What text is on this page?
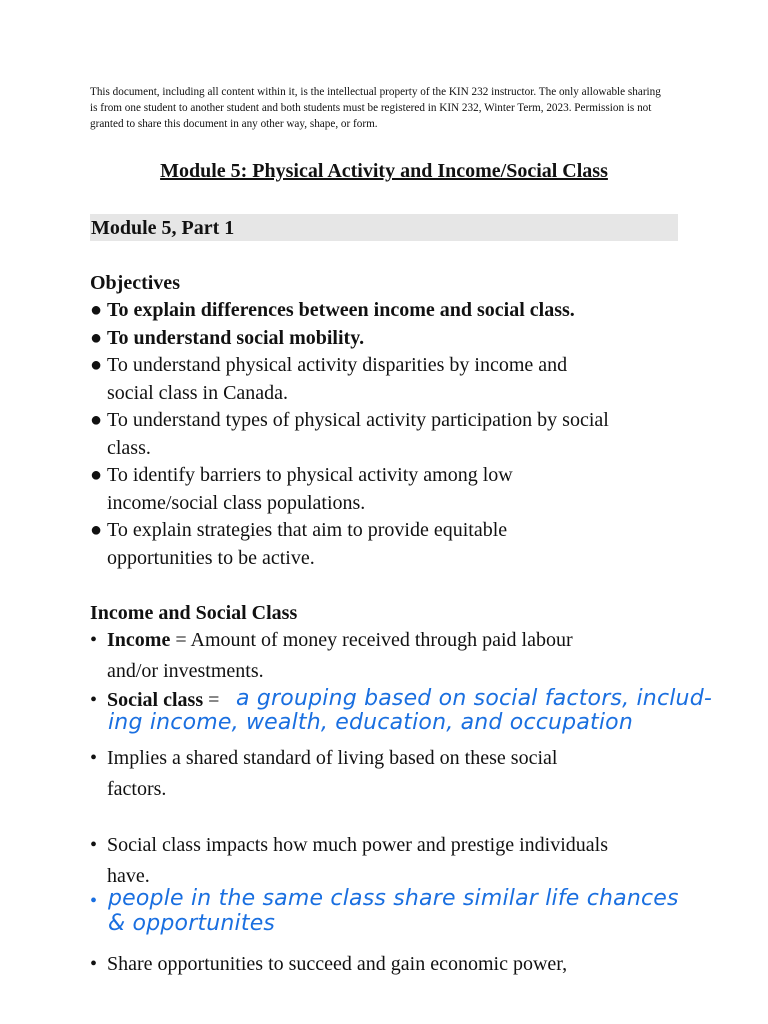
This document, including all content within it, is the intellectual property of the KIN 232 instructor. The only allowable sharing is from one student to another student and both students must be registered in KIN 232, Winter Term, 2023. Permission is not granted to share this document in any other way, shape, or form.
Module 5: Physical Activity and Income/Social Class
Module 5, Part 1
Objectives
● To explain differences between income and social class.
● To understand social mobility.
● To understand physical activity disparities by income and
social class in Canada.
● To understand types of physical activity participation by social
class.
● To identify barriers to physical activity among low
income/social class populations.
● To explain strategies that aim to provide equitable
opportunities to be active.
Income and Social Class
• Income = Amount of money received through paid labour
and/or investments.
• Social class = a grouping based on social factors, includ-
ing income, wealth, education, and occupation
• Implies a shared standard of living based on these social
factors.
• Social class impacts how much power and prestige individuals
have.
• people in the same class share similar life chances
& opportunites
• Share opportunities to succeed and gain economic power,
